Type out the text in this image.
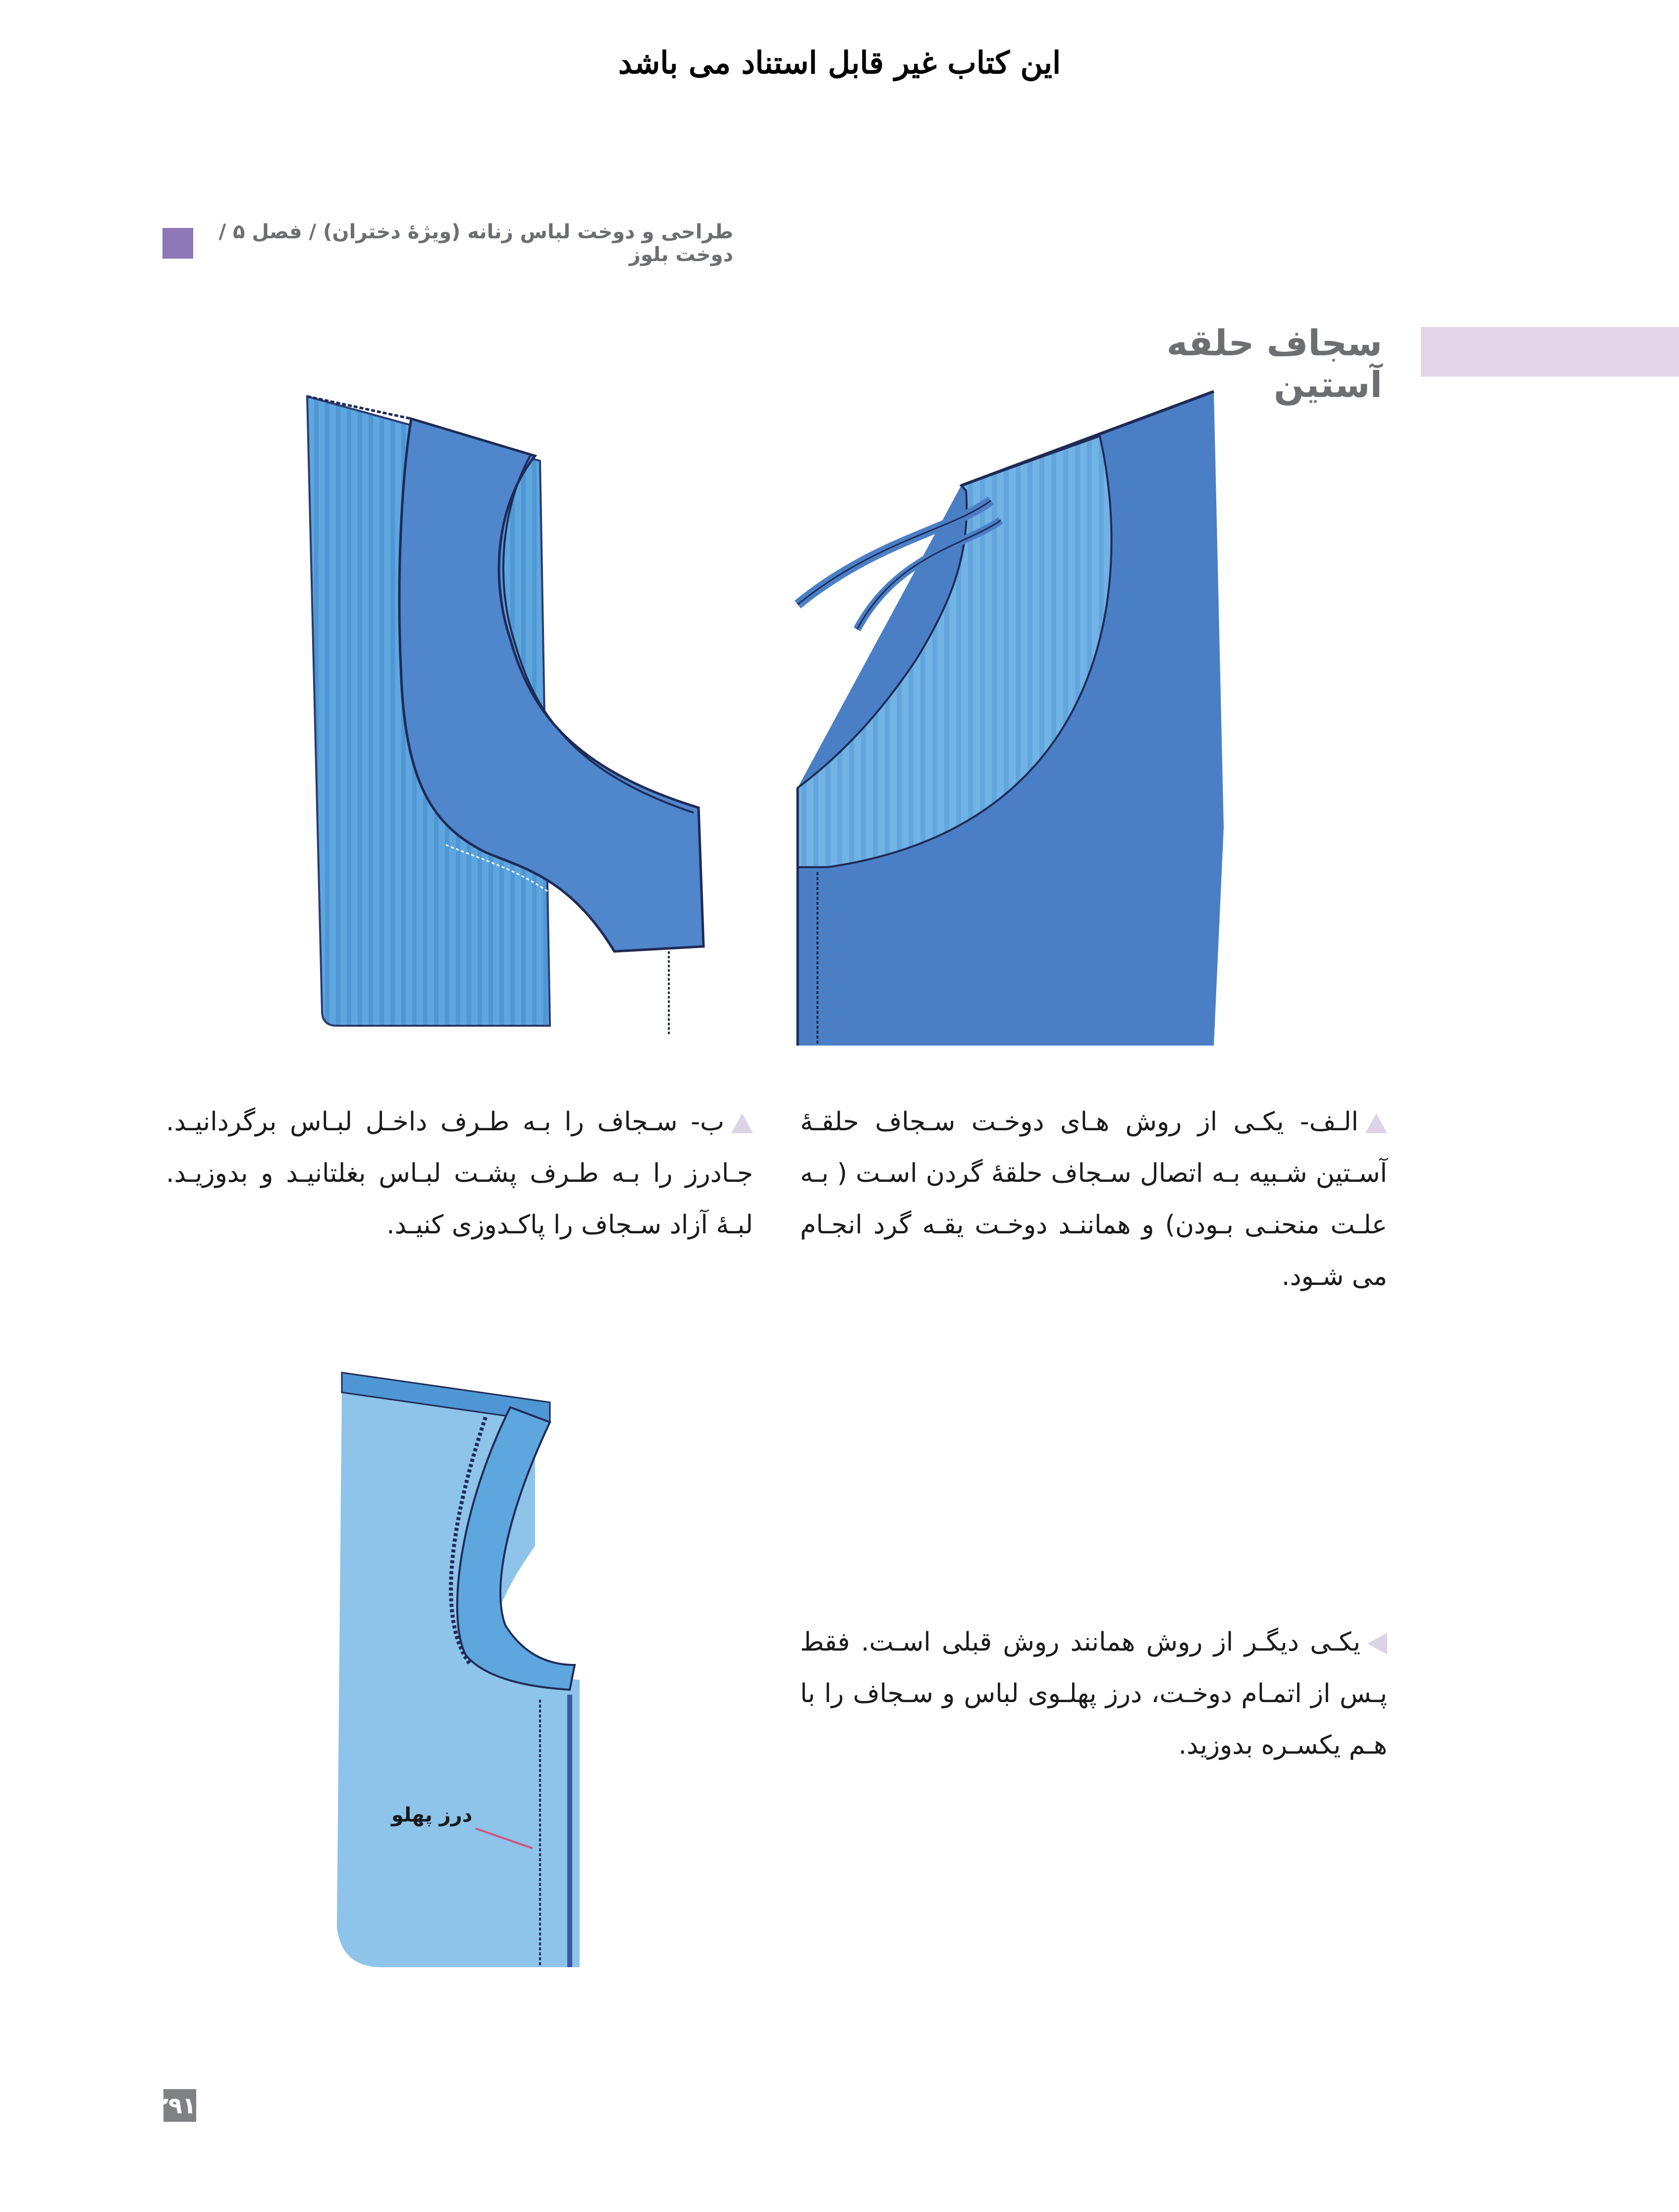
این کتاب غیر قابل استناد می باشد
طراحی و دوخت لباس زنانه (ویژۀ دختران) / فصل ۵ / دوخت بلوز
سجاف حلقه آستین

الـف- یکـی از روش هـای دوخـت سـجاف حلقـۀ آسـتین شـبیه بـه اتصال سـجاف حلقۀ گردن اسـت ( بـه علـت منحنـی بـودن) و هماننـد دوخـت یقـه گرد انجـام می شـود.

ب- سـجاف را بـه طـرف داخـل لبـاس برگردانیـد. جـادرز را بـه طـرف پشـت لبـاس بغلتانیـد و بدوزیـد. لبـۀ آزاد سـجاف را پاکـدوزی کنیـد.

درز پهلو

یکـی دیگـر از روش همانند روش قبلی اسـت. فقط پـس از اتمـام دوخـت، درز پهلـوی لباس و سـجاف را با هـم یکسـره بدوزید.

۲۹۱
